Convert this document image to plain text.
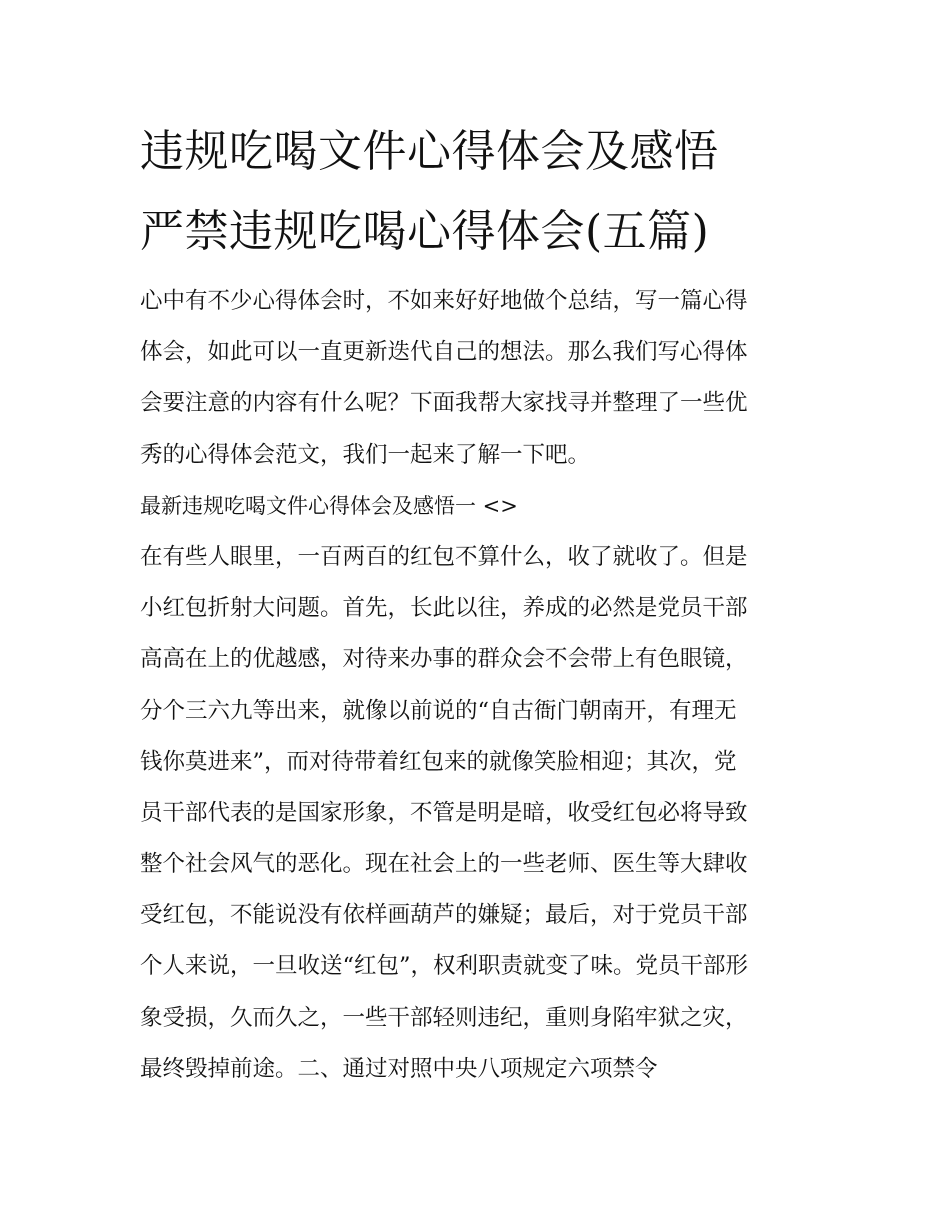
违规吃喝文件心得体会及感悟
严禁违规吃喝心得体会(五篇)
心中有不少心得体会时，不如来好好地做个总结，写一篇心得
体会，如此可以一直更新迭代自己的想法。那么我们写心得体
会要注意的内容有什么呢？下面我帮大家找寻并整理了一些优
秀的心得体会范文，我们一起来了解一下吧。
最新违规吃喝文件心得体会及感悟一 <>
在有些人眼里，一百两百的红包不算什么，收了就收了。但是
小红包折射大问题。首先，长此以往，养成的必然是党员干部
高高在上的优越感，对待来办事的群众会不会带上有色眼镜，
分个三六九等出来，就像以前说的“自古衙门朝南开，有理无
钱你莫进来”，而对待带着红包来的就像笑脸相迎；其次，党
员干部代表的是国家形象，不管是明是暗，收受红包必将导致
整个社会风气的恶化。现在社会上的一些老师、医生等大肆收
受红包，不能说没有依样画葫芦的嫌疑；最后，对于党员干部
个人来说，一旦收送“红包”，权利职责就变了味。党员干部形
象受损，久而久之，一些干部轻则违纪，重则身陷牢狱之灾，
最终毁掉前途。二、通过对照中央八项规定六项禁令
